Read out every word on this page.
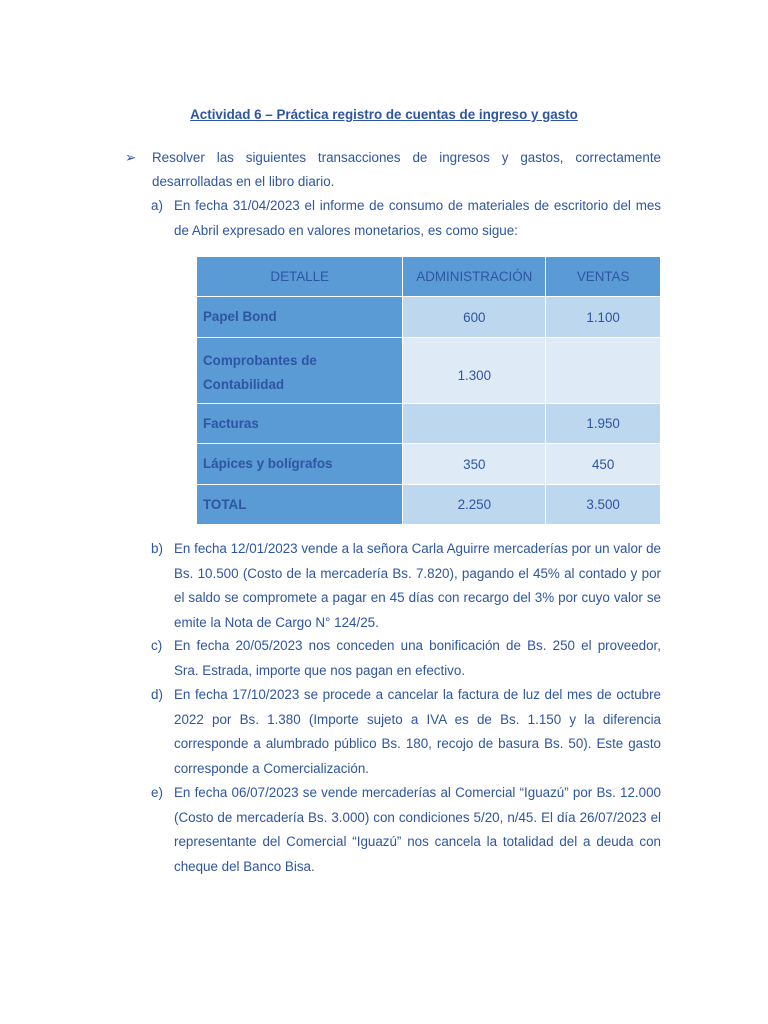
Actividad 6 – Práctica registro de cuentas de ingreso y gasto
➢	Resolver las siguientes transacciones de ingresos y gastos, correctamente desarrolladas en el libro diario.
a) En fecha 31/04/2023 el informe de consumo de materiales de escritorio del mes de Abril expresado en valores monetarios, es como sigue:
DETALLE	ADMINISTRACIÓN	VENTAS
Papel Bond	600	1.100
Comprobantes de Contabilidad	1.300	
Facturas		1.950
Lápices y bolígrafos	350	450
TOTAL	2.250	3.500
b) En fecha 12/01/2023 vende a la señora Carla Aguirre mercaderías por un valor de Bs. 10.500 (Costo de la mercadería Bs. 7.820), pagando el 45% al contado y por el saldo se compromete a pagar en 45 días con recargo del 3% por cuyo valor se emite la Nota de Cargo N° 124/25.
c) En fecha 20/05/2023 nos conceden una bonificación de Bs. 250 el proveedor, Sra. Estrada, importe que nos pagan en efectivo.
d) En fecha 17/10/2023 se procede a cancelar la factura de luz del mes de octubre 2022 por Bs. 1.380 (Importe sujeto a IVA es de Bs. 1.150 y la diferencia corresponde a alumbrado público Bs. 180, recojo de basura Bs. 50). Este gasto corresponde a Comercialización.
e) En fecha 06/07/2023 se vende mercaderías al Comercial “Iguazú” por Bs. 12.000 (Costo de mercadería Bs. 3.000) con condiciones 5/20, n/45. El día 26/07/2023 el representante del Comercial “Iguazú” nos cancela la totalidad del a deuda con cheque del Banco Bisa.
